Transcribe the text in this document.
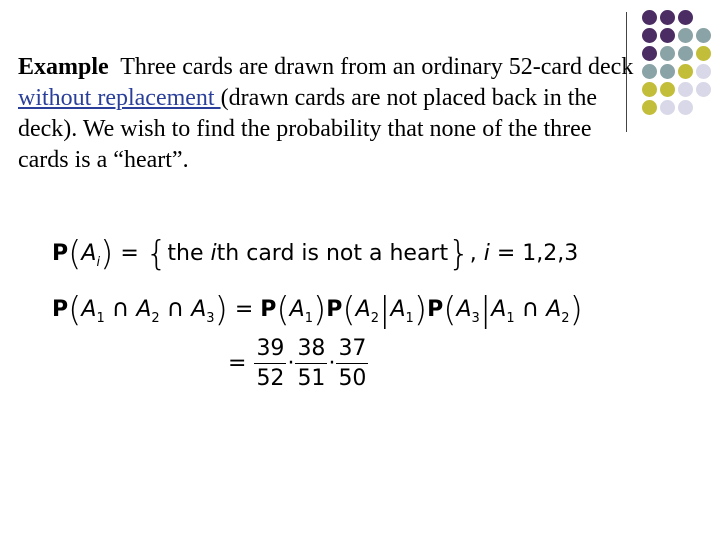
Example Three cards are drawn from an ordinary 52-card deck without replacement (drawn cards are not placed back in the deck). We wish to find the probability that none of the three cards is a “heart”.
$P(A_i) = \{the$ ith card is not a heart}, i = 1,2,3
$P(A_1$ ∩ $A_2$ ∩ $A_3) = P(A_1)P(A_2|A_1)P(A_3|A_1$ ∩ $A_2$)
= $\frac{39}{52} \cdot \frac{38}{51} \cdot \frac{37}{50}$
